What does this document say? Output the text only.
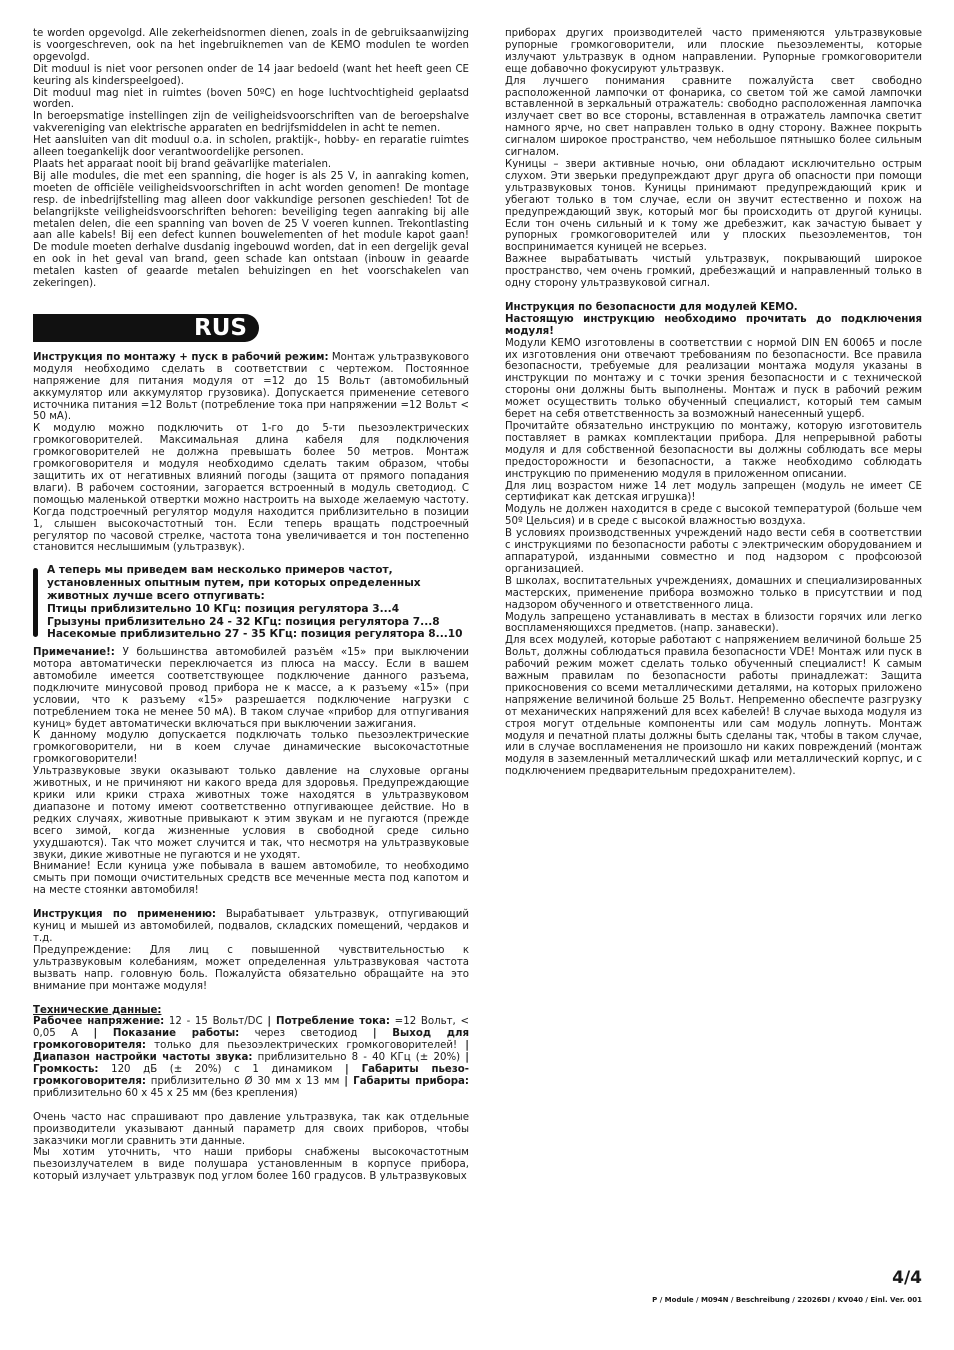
te worden opgevolgd. Alle zekerheidsnormen dienen, zoals in de gebruiksaanwijzing is voorgeschreven, ook na het ingebruiknemen van de KEMO modulen te worden opgevolgd.

Dit moduul is niet voor personen onder de 14 jaar bedoeld (want het heeft geen CE keuring als kinderspeelgoed).

Dit moduul mag niet in ruimtes (boven 50ºC) en hoge luchtvochtigheid geplaatsd worden.

In beroepsmatige instellingen zijn de veiligheidsvoorschriften van de beroepshalve vakvereniging van elektrische apparaten en bedrijfsmiddelen in acht te nemen.

Het aansluiten van dit moduul o.a. in scholen, praktijk-, hobby- en reparatie ruimtes alleen toegankelijk door verantwoordelijke personen.

Plaats het apparaat nooit bij brand geävarlijke materialen.

Bij alle modules, die met een spanning, die hoger is als 25 V, in aanraking komen, moeten de officiële veiligheidsvoorschriften in acht worden genomen! De montage resp. de inbedrijfstelling mag alleen door vakkundige personen geschieden! Tot de belangrijkste veiligheidsvoorschriften behoren: beveiliging tegen aanraking bij alle metalen delen, die een spanning van boven de 25 V voeren kunnen. Trekontlasting aan alle kabels! Bij een defect kunnen bouwelementen of het module kapot gaan! De module moeten derhalve dusdanig ingebouwd worden, dat in een dergelijk geval en ook in het geval van brand, geen schade kan ontstaan (inbouw in geaarde metalen kasten of geaarde metalen behuizingen en het voorschakelen van zekeringen).

RUS

Инструкция по монтажу + пуск в рабочий режим: Монтаж ультразвукового модуля необходимо сделать в соответствии с чертежом. Постоянное напряжение для питания модуля от =12 до 15 Вольт (автомобильный аккумулятор или аккумулятор грузовика). Допускается применение сетевого источника питания =12 Вольт (потребление тока при напряжении =12 Вольт < 50 мА).

К модулю можно подключить от 1-го до 5-ти пьезоэлектрических громкоговорителей. Максимальная длина кабеля для подключения громкоговорителей не должна превышать более 50 метров. Монтаж громкоговорителя и модуля необходимо сделать таким образом, чтобы защитить их от негативных влияний погоды (защита от прямого попадания влаги). В рабочем состоянии, загорается встроенный в модуль светодиод. С помощью маленькой отвертки можно настроить на выходе желаемую частоту. Когда подстроечный регулятор модуля находится приблизительно в позиции 1, слышен высокочастотный тон. Если теперь вращать подстроечный регулятор по часовой стрелке, частота тона увеличивается и тон постепенно становится неслышимым (ультразвук).

А теперь мы приведем вам несколько примеров частот, установленных опытным путем, при которых определенных животных лучше всего отпугивать:
Птицы приблизительно 10 КГц: позиция регулятора 3...4
Грызуны приблизительно 24 - 32 КГц: позиция регулятора 7...8
Насекомые приблизительно 27 - 35 КГц: позиция регулятора 8...10

Примечание!: У большинства автомобилей разъём «15» при выключении мотора автоматически переключается из плюса на массу. Если в вашем автомобиле имеется соответствующее подключение данного разъема, подключите минусовой провод прибора не к массе, а к разъему «15» (при условии, что к разъему «15» разрешается подключение нагрузки с потреблением тока не менее 50 мА). В таком случае «прибор для отпугивания куниц» будет автоматически включаться при выключении зажигания.

К данному модулю допускается подключать только пьезоэлектрические громкоговорители, ни в коем случае динамические высокочастотные громкоговорители!

Ультразвуковые звуки оказывают только давление на слуховые органы животных, и не причиняют ни какого вреда для здоровья. Предупреждающие крики или крики страха животных тоже находятся в ультразвуковом диапазоне и потому имеют соответственно отпугивающее действие. Но в редких случаях, животные привыкают к этим звукам и не пугаются (прежде всего зимой, когда жизненные условия в свободной среде сильно ухудшаются). Так что может случится и так, что несмотря на ультразвуковые звуки, дикие животные не пугаются и не уходят.

Внимание! Если куница уже побывала в вашем автомобиле, то необходимо смыть при помощи очистительных средств все меченные места под капотом и на месте стоянки автомобиля!

Инструкция по применению: Вырабатывает ультразвук, отпугивающий куниц и мышей из автомобилей, подвалов, складских помещений, чердаков и т.д.

Предупреждение: Для лиц с повышенной чувствительностью к ультразвуковым колебаниям, может определенная ультразвуковая частота вызвать напр. головную боль. Пожалуйста обязательно обращайте на это внимание при монтаже модуля!

Технические данные:

Рабочее напряжение: 12 - 15 Вольт/DC | Потребление тока: =12 Вольт, < 0,05 А | Показание работы: через светодиод | Выход для громкоговорителя: только для пьезоэлектрических громкоговорителей! | Диапазон настройки частоты звука: приблизительно 8 - 40 КГц (± 20%) | Громкость: 120 дБ (± 20%) с 1 динамиком | Габариты пьезо-громкоговорителя: приблизительно Ø 30 мм x 13 мм | Габариты прибора: приблизительно 60 x 45 x 25 мм (без крепления)

Очень часто нас спрашивают про давление ультразвука, так как отдельные производители указывают данный параметр для своих приборов, чтобы заказчики могли сравнить эти данные.

Мы хотим уточнить, что наши приборы снабжены высокочастотным пьезоизлучателем в виде полушара установленным в корпусе прибора, который излучает ультразвук под углом более 160 градусов. В ультразвуковых

приборах других производителей часто применяются ультразвуковые рупорные громкоговорители, или плоские пьезоэлементы, которые излучают ультразвук в одном направлении. Рупорные громкоговорители еще добавочно фокусируют ультразвук.

Для лучшего понимания сравните пожалуйста свет свободно расположенной лампочки от фонарика, со светом той же самой лампочки вставленной в зеркальный отражатель: свободно расположенная лампочка излучает свет во все стороны, вставленная в отражатель лампочка светит намного ярче, но свет направлен только в одну сторону. Важнее покрыть сигналом широкое пространство, чем небольшое пятнышко более сильным сигналом.

Куницы – звери активные ночью, они обладают исключительно острым слухом. Эти зверьки предупреждают друг друга об опасности при помощи ультразвуковых тонов. Куницы принимают предупреждающий крик и убегают только в том случае, если он звучит естественно и похож на предупреждающий звук, который мог бы происходить от другой куницы. Если тон очень сильный и к тому же дребезжит, как зачастую бывает у рупорных громкоговорителей или у плоских пьезоэлементов, тон воспринимается куницей не всерьез.

Важнее вырабатывать чистый ультразвук, покрывающий широкое пространство, чем очень громкий, дребезжащий и направленный только в одну сторону ультразвуковой сигнал.

Инструкция по безопасности для модулей KEMO.

Настоящую инструкцию необходимо прочитать до подключения модуля!

Модули KEMO изготовлены в соответствии с нормой DIN EN 60065 и после их изготовления они отвечают требованиям по безопасности. Все правила безопасности, требуемые для реализации монтажа модуля указаны в инструкции по монтажу и с точки зрения безопасности и с технической стороны они должны быть выполнены. Монтаж и пуск в рабочий режим может осуществить только обученный специалист, который тем самым берет на себя ответственность за возможный нанесенный ущерб.

Прочитайте обязательно инструкцию по монтажу, которую изготовитель поставляет в рамках комплектации прибора. Для непрерывной работы модуля и для собственной безопасности вы должны соблюдать все меры предосторожности и безопасности, а также необходимо соблюдать инструкцию по применению модуля в приложенном описании.

Для лиц возрастом ниже 14 лет модуль запрещен (модуль не имеет CE сертификат как детская игрушка)!

Модуль не должен находится в среде с высокой температурой (больше чем 50º Цельсия) и в среде с высокой влажностью воздуха.

В условиях производственных учреждений надо вести себя в соответствии с инструкциями по безопасности работы с электрическим оборудованием и аппаратурой, изданными совместно и под надзором с профсоюзой организацией.

В школах, воспитательных учреждениях, домашних и специализированных мастерских, применение прибора возможно только в присутствии и под надзором обученного и ответственного лица.

Модуль запрещено устанавливать в местах в близости горячих или легко воспламеняющихся предметов. (напр. занавески).

Для всех модулей, которые работают с напряжением величиной больше 25 Вольт, должны соблюдаться правила безопасности VDE! Монтаж или пуск в рабочий режим может сделать только обученный специалист! К самым важным правилам по безопасности работы принадлежат: Защита прикосновения со всеми металлическими деталями, на которых приложено напряжение величиной больше 25 Вольт. Непременно обеспечте разгрузку от механических напряжений для всех кабелей! В случае выхода модуля из строя могут отдельные компоненты или сам модуль лопнуть. Монтаж модуля и печатной платы должны быть сделаны так, чтобы в таком случае, или в случае воспламенения не произошло ни каких повреждений (монтаж модуля в заземленный металлический шкаф или металлический корпус, и с подключением предварительным предохранителем).

4/4
P / Module / M094N / Beschreibung / 22026DI / KV040 / Einl. Ver. 001
